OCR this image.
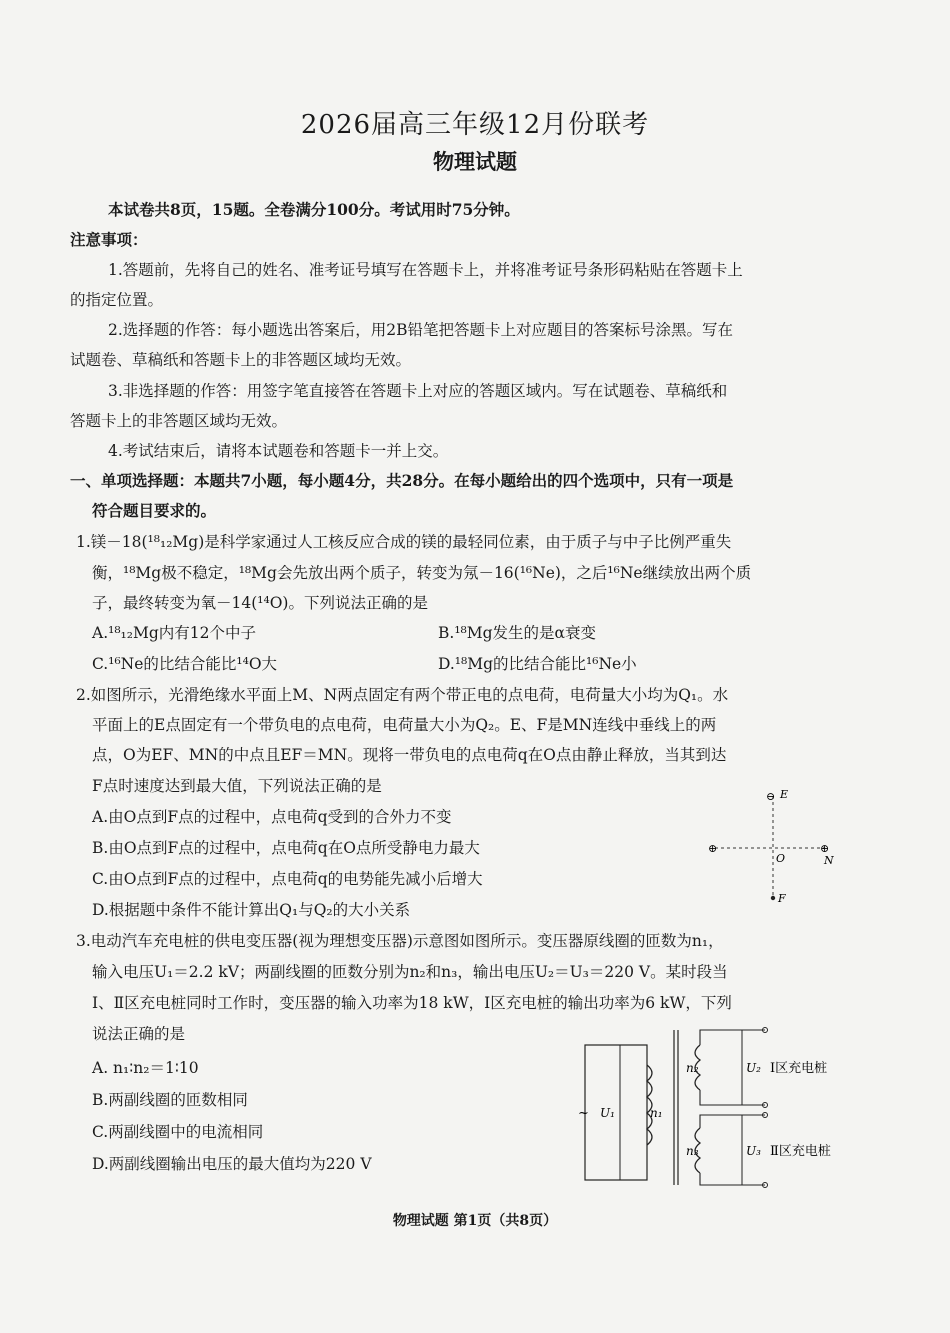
2026届高三年级12月份联考
物理试题
本试卷共8页，15题。全卷满分100分。考试用时75分钟。
注意事项：
1.答题前，先将自己的姓名、准考证号填写在答题卡上，并将准考证号条形码粘贴在答题卡上
的指定位置。
2.选择题的作答：每小题选出答案后，用2B铅笔把答题卡上对应题目的答案标号涂黑。写在
试题卷、草稿纸和答题卡上的非答题区域均无效。
3.非选择题的作答：用签字笔直接答在答题卡上对应的答题区域内。写在试题卷、草稿纸和
答题卡上的非答题区域均无效。
4.考试结束后，请将本试题卷和答题卡一并上交。
一、单项选择题：本题共7小题，每小题4分，共28分。在每小题给出的四个选项中，只有一项是
符合题目要求的。
1.镁－18(¹⁸₁₂Mg)是科学家通过人工核反应合成的镁的最轻同位素，由于质子与中子比例严重失
衡，¹⁸Mg极不稳定，¹⁸Mg会先放出两个质子，转变为氖－16(¹⁶Ne)，之后¹⁶Ne继续放出两个质
子，最终转变为氧－14(¹⁴O)。下列说法正确的是
A.¹⁸₁₂Mg内有12个中子	B.¹⁸Mg发生的是α衰变
C.¹⁶Ne的比结合能比¹⁴O大	D.¹⁸Mg的比结合能比¹⁶Ne小
2.如图所示，光滑绝缘水平面上M、N两点固定有两个带正电的点电荷，电荷量大小均为Q₁。水
平面上的E点固定有一个带负电的点电荷，电荷量大小为Q₂。E、F是MN连线中垂线上的两
点，O为EF、MN的中点且EF＝MN。现将一带负电的点电荷q在O点由静止释放，当其到达
F点时速度达到最大值，下列说法正确的是
A.由O点到F点的过程中，点电荷q受到的合外力不变
B.由O点到F点的过程中，点电荷q在O点所受静电力最大
C.由O点到F点的过程中，点电荷q的电势能先减小后增大
D.根据题中条件不能计算出Q₁与Q₂的大小关系
⊖ E
⊕	⊕
N
O
F
3.电动汽车充电桩的供电变压器(视为理想变压器)示意图如图所示。变压器原线圈的匝数为n₁，
输入电压U₁＝2.2 kV；两副线圈的匝数分别为n₂和n₃，输出电压U₂＝U₃＝220 V。某时段当
Ⅰ、Ⅱ区充电桩同时工作时，变压器的输入功率为18 kW，Ⅰ区充电桩的输出功率为6 kW，下列
说法正确的是
A. n₁∶n₂＝1∶10
B.两副线圈的匝数相同
C.两副线圈中的电流相同
D.两副线圈输出电压的最大值均为220 V
~ U₁	n₁
n₂	U₂ Ⅰ区充电桩
n₃	U₃ Ⅱ区充电桩
物理试题 第1页（共8页）
